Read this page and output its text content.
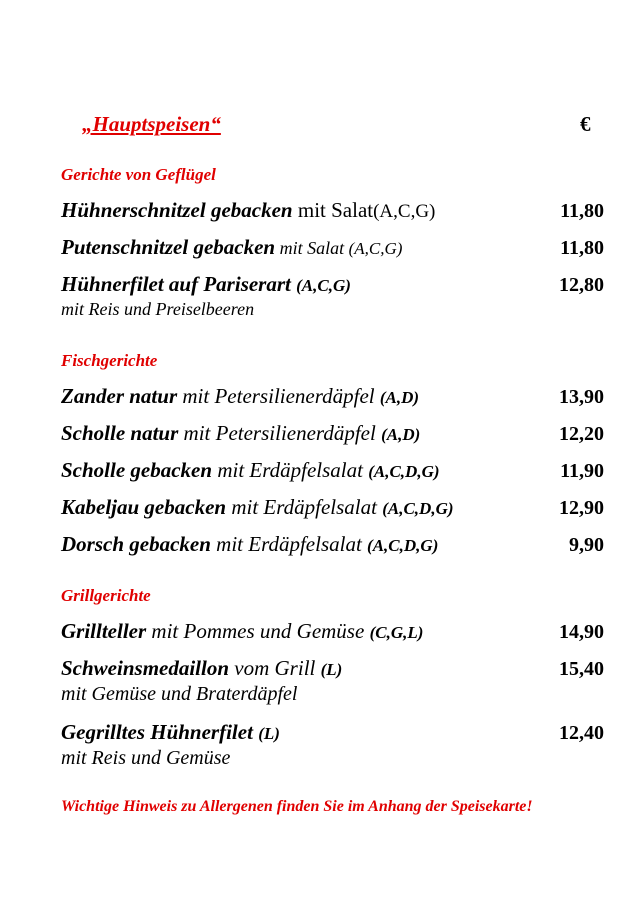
„Hauptspeisen“	€
Gerichte von Geflügel
Hühnerschnitzel gebacken mit Salat(A,C,G)	11,80
Putenschnitzel gebacken mit Salat (A,C,G)	11,80
Hühnerfilet auf Pariserart (A,C,G)	12,80
mit Reis und Preiselbeeren
Fischgerichte
Zander natur mit Petersilienerdäpfel (A,D)	13,90
Scholle natur mit Petersilienerdäpfel (A,D)	12,20
Scholle gebacken mit Erdäpfelsalat (A,C,D,G)	11,90
Kabeljau gebacken mit Erdäpfelsalat (A,C,D,G)	12,90
Dorsch gebacken mit Erdäpfelsalat (A,C,D,G)	9,90
Grillgerichte
Grillteller mit Pommes und Gemüse (C,G,L)	14,90
Schweinsmedaillon vom Grill (L)	15,40
mit Gemüse und Braterdäpfel
Gegrilltes Hühnerfilet (L)	12,40
mit Reis und Gemüse
Wichtige Hinweis zu Allergenen finden Sie im Anhang der Speisekarte!
